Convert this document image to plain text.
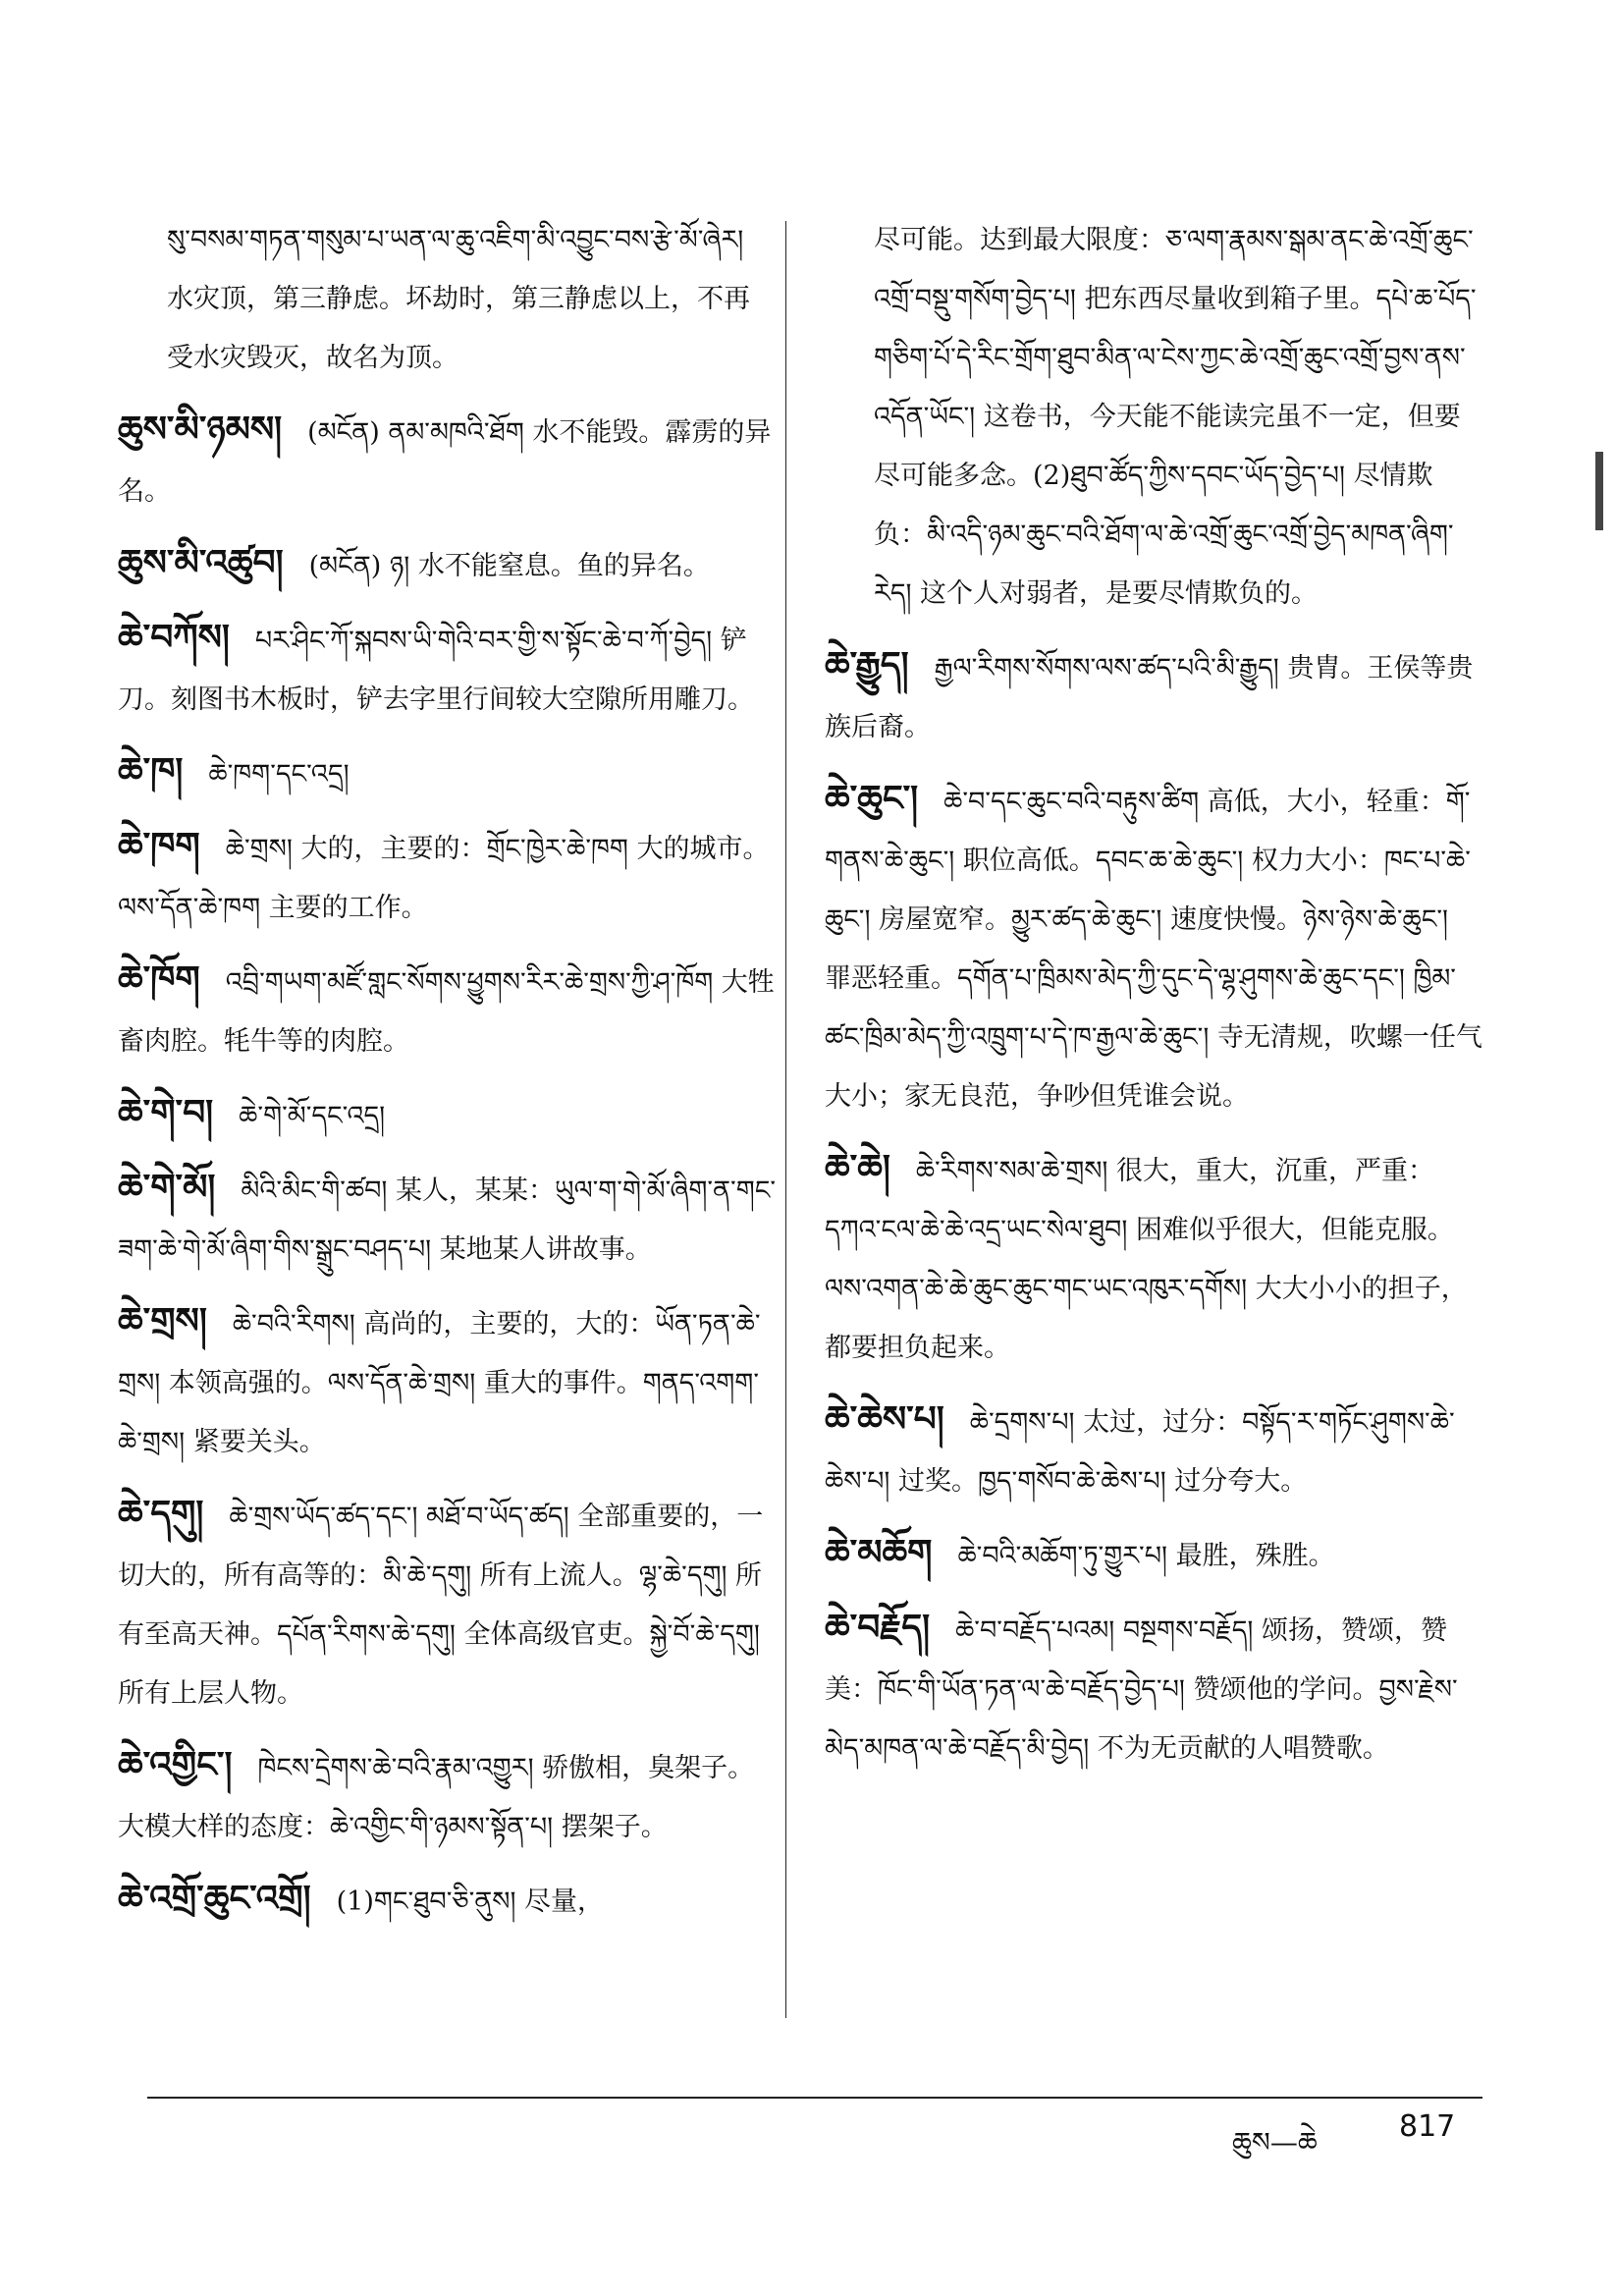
སུ་བསམ་གཏན་གསུམ་པ་ཡན་ལ་ཆུ་འཇིག་མི་འབྱུང་བས་རྩེ་མོ་ཞེར། 水灾顶，第三静虑。坏劫时，第三静虑以上，不再受水灾毁灭，故名为顶。
ཆུས་མི་ཉམས། (མངོན) ནམ་མཁའི་ཐོག 水不能毁。霹雳的异名。
ཆུས་མི་འཚུབ། (མངོན) ཉ། 水不能窒息。鱼的异名。
ཆེ་བཀོས། པར་ཤིང་ཀོ་སྐབས་ཡི་གེའི་བར་གྱི་ས་སྟོང་ཆེ་བ་ཀོ་བྱེད། 铲刀。刻图书木板时，铲去字里行间较大空隙所用雕刀。
ཆེ་ཁ། ཆེ་ཁག་དང་འདྲ།
ཆེ་ཁག ཆེ་གྲས། 大的，主要的：གྲོང་ཁྱེར་ཆེ་ཁག 大的城市。ལས་དོན་ཆེ་ཁག 主要的工作。
ཆེ་ཁོག འབྲི་གཡག་མཛོ་གླང་སོགས་ཕྱུགས་རིར་ཆེ་གྲས་ཀྱི་ཤ་ཁོག 大牲畜肉腔。牦牛等的肉腔。
ཆེ་གེ་བ། ཆེ་གེ་མོ་དང་འདྲ།
ཆེ་གེ་མོ། མིའི་མིང་གི་ཚབ། 某人，某某：ཡུལ་ག་གེ་མོ་ཞིག་ན་གང་ཟག་ཆེ་གེ་མོ་ཞིག་གིས་སྒྲུང་བཤད་པ། 某地某人讲故事。
ཆེ་གྲས། ཆེ་བའི་རིགས། 高尚的，主要的，大的：ཡོན་ཏན་ཆེ་གྲས། 本领高强的。ལས་དོན་ཆེ་གྲས། 重大的事件。གནད་འགག་ཆེ་གྲས། 紧要关头。
ཆེ་དགུ། ཆེ་གྲས་ཡོད་ཚད་དང་། མཐོ་བ་ཡོད་ཚད། 全部重要的，一切大的，所有高等的：མི་ཆེ་དགུ། 所有上流人。ལྷ་ཆེ་དགུ། 所有至高天神。དཔོན་རིགས་ཆེ་དགུ། 全体高级官吏。སྐྱེ་བོ་ཆེ་དགུ། 所有上层人物。
ཆེ་འགྱིང་། ཁེངས་དྲེགས་ཆེ་བའི་རྣམ་འགྱུར། 骄傲相，臭架子。大模大样的态度：ཆེ་འགྱིང་གི་ཉམས་སྟོན་པ། 摆架子。
ཆེ་འགྲོ་ཆུང་འགྲོ། (1)གང་ཐུབ་ཅི་ནུས། 尽量，
尽可能。达到最大限度：ཅ་ལག་རྣམས་སྒམ་ནང་ཆེ་འགྲོ་ཆུང་འགྲོ་བསྡུ་གསོག་བྱེད་པ། 把东西尽量收到箱子里。དཔེ་ཆ་པོད་གཅིག་པོ་དེ་རིང་གྲོག་ཐུབ་མིན་ལ་ངེས་ཀྱང་ཆེ་འགྲོ་ཆུང་འགྲོ་བྱས་ནས་འདོན་ཡོང་། 这卷书，今天能不能读完虽不一定，但要尽可能多念。(2)ཐུབ་ཚོད་ཀྱིས་དབང་ཡོད་བྱེད་པ། 尽情欺负：མི་འདི་ཉམ་ཆུང་བའི་ཐོག་ལ་ཆེ་འགྲོ་ཆུང་འགྲོ་བྱེད་མཁན་ཞིག་རེད། 这个人对弱者，是要尽情欺负的。
ཆེ་རྒྱུད། རྒྱལ་རིགས་སོགས་ལས་ཚད་པའི་མི་རྒྱུད། 贵胄。王侯等贵族后裔。
ཆེ་ཆུང་། ཆེ་བ་དང་ཆུང་བའི་བརྟུས་ཚིག 高低，大小，轻重：གོ་གནས་ཆེ་ཆུང་། 职位高低。དབང་ཆ་ཆེ་ཆུང་། 权力大小：ཁང་པ་ཆེ་ཆུང་། 房屋宽窄。མྱུར་ཚད་ཆེ་ཆུང་། 速度快慢。ཉེས་ཉེས་ཆེ་ཆུང་། 罪恶轻重。དགོན་པ་ཁྲིམས་མེད་ཀྱི་དུང་དེ་ལྷ་ཤུགས་ཆེ་ཆུང་དང་། ཁྱིམ་ཚང་ཁྲིམ་མེད་ཀྱི་འཁྲུག་པ་དེ་ཁ་རྒྱལ་ཆེ་ཆུང་། 寺无清规，吹螺一任气大小；家无良范，争吵但凭谁会说。
ཆེ་ཆེ། ཆེ་རིགས་སམ་ཆེ་གྲས། 很大，重大，沉重，严重：དཀའ་ངལ་ཆེ་ཆེ་འདྲ་ཡང་སེལ་ཐུབ། 困难似乎很大，但能克服。ལས་འགན་ཆེ་ཆེ་ཆུང་ཆུང་གང་ཡང་འཁུར་དགོས། 大大小小的担子，都要担负起来。
ཆེ་ཆེས་པ། ཆེ་དྲགས་པ། 太过，过分：བསྟོད་ར་གཏོང་ཤུགས་ཆེ་ཆེས་པ། 过奖。ཁྱད་གསོབ་ཆེ་ཆེས་པ། 过分夸大。
ཆེ་མཆོག ཆེ་བའི་མཆོག་ཏུ་གྱུར་པ། 最胜，殊胜。
ཆེ་བརྗོད། ཆེ་བ་བརྗོད་པའམ། བསྔགས་བརྗོད། 颂扬，赞颂，赞美：ཁོང་གི་ཡོན་ཏན་ལ་ཆེ་བརྗོད་བྱེད་པ། 赞颂他的学问。བྱས་རྗེས་མེད་མཁན་ལ་ཆེ་བརྗོད་མི་བྱེད། 不为无贡献的人唱赞歌。
ཆུས—ཆེ	817
